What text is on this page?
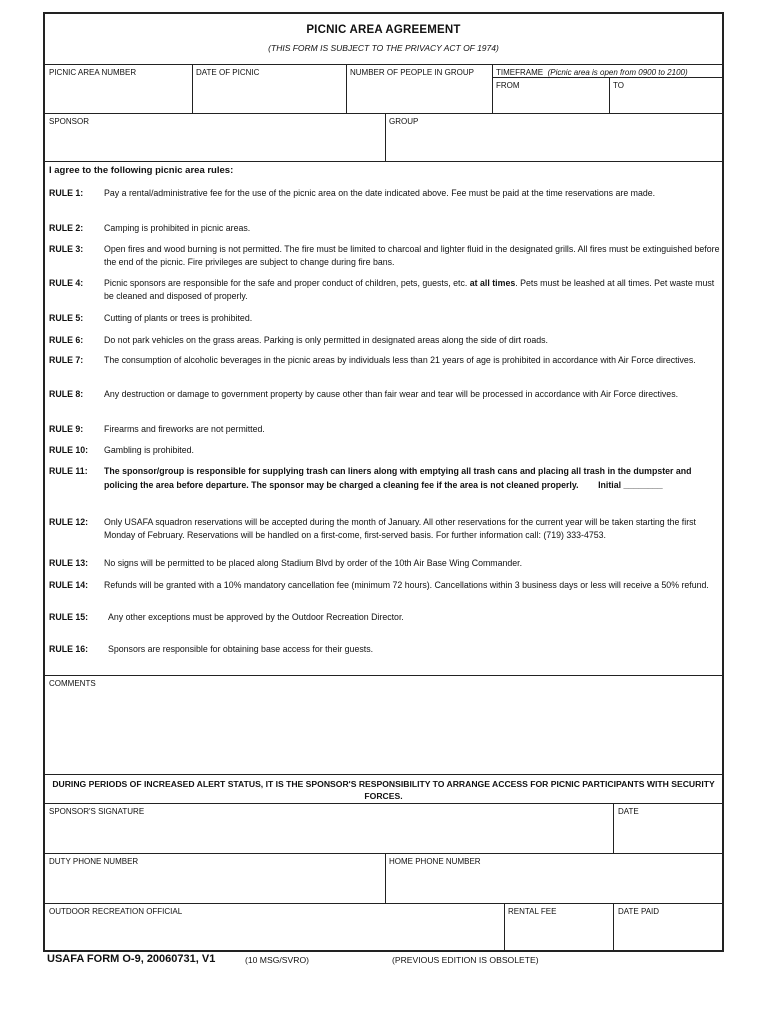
PICNIC AREA AGREEMENT
(THIS FORM IS SUBJECT TO THE PRIVACY ACT OF 1974)
PICNIC AREA NUMBER	DATE OF PICNIC	NUMBER OF PEOPLE IN GROUP	TIMEFRAME (Picnic area is open from 0900 to 2100)
FROM	TO
SPONSOR	GROUP
I agree to the following picnic area rules:
RULE 1: Pay a rental/administrative fee for the use of the picnic area on the date indicated above. Fee must be paid at the time reservations are made.
RULE 2: Camping is prohibited in picnic areas.
RULE 3: Open fires and wood burning is not permitted. The fire must be limited to charcoal and lighter fluid in the designated grills. All fires must be extinguished before the end of the picnic. Fire privileges are subject to change during fire bans.
RULE 4: Picnic sponsors are responsible for the safe and proper conduct of children, pets, guests, etc. at all times. Pets must be leashed at all times. Pet waste must be cleaned and disposed of properly.
RULE 5: Cutting of plants or trees is prohibited.
RULE 6: Do not park vehicles on the grass areas. Parking is only permitted in designated areas along the side of dirt roads.
RULE 7: The consumption of alcoholic beverages in the picnic areas by individuals less than 21 years of age is prohibited in accordance with Air Force directives.
RULE 8: Any destruction or damage to government property by cause other than fair wear and tear will be processed in accordance with Air Force directives.
RULE 9: Firearms and fireworks are not permitted.
RULE 10: Gambling is prohibited.
RULE 11: The sponsor/group is responsible for supplying trash can liners along with emptying all trash cans and placing all trash in the dumpster and policing the area before departure. The sponsor may be charged a cleaning fee if the area is not cleaned properly. Initial ________
RULE 12: Only USAFA squadron reservations will be accepted during the month of January. All other reservations for the current year will be taken starting the first Monday of February. Reservations will be handled on a first-come, first-served basis. For further information call: (719) 333-4753.
RULE 13: No signs will be permitted to be placed along Stadium Blvd by order of the 10th Air Base Wing Commander.
RULE 14: Refunds will be granted with a 10% mandatory cancellation fee (minimum 72 hours). Cancellations within 3 business days or less will receive a 50% refund.
RULE 15: Any other exceptions must be approved by the Outdoor Recreation Director.
RULE 16: Sponsors are responsible for obtaining base access for their guests.
COMMENTS
DURING PERIODS OF INCREASED ALERT STATUS, IT IS THE SPONSOR'S RESPONSIBILITY TO ARRANGE ACCESS FOR PICNIC PARTICIPANTS WITH SECURITY FORCES.
SPONSOR'S SIGNATURE	DATE
DUTY PHONE NUMBER	HOME PHONE NUMBER
OUTDOOR RECREATION OFFICIAL	RENTAL FEE	DATE PAID
USAFA FORM O-9, 20060731, V1	(10 MSG/SVRO)	(PREVIOUS EDITION IS OBSOLETE)
